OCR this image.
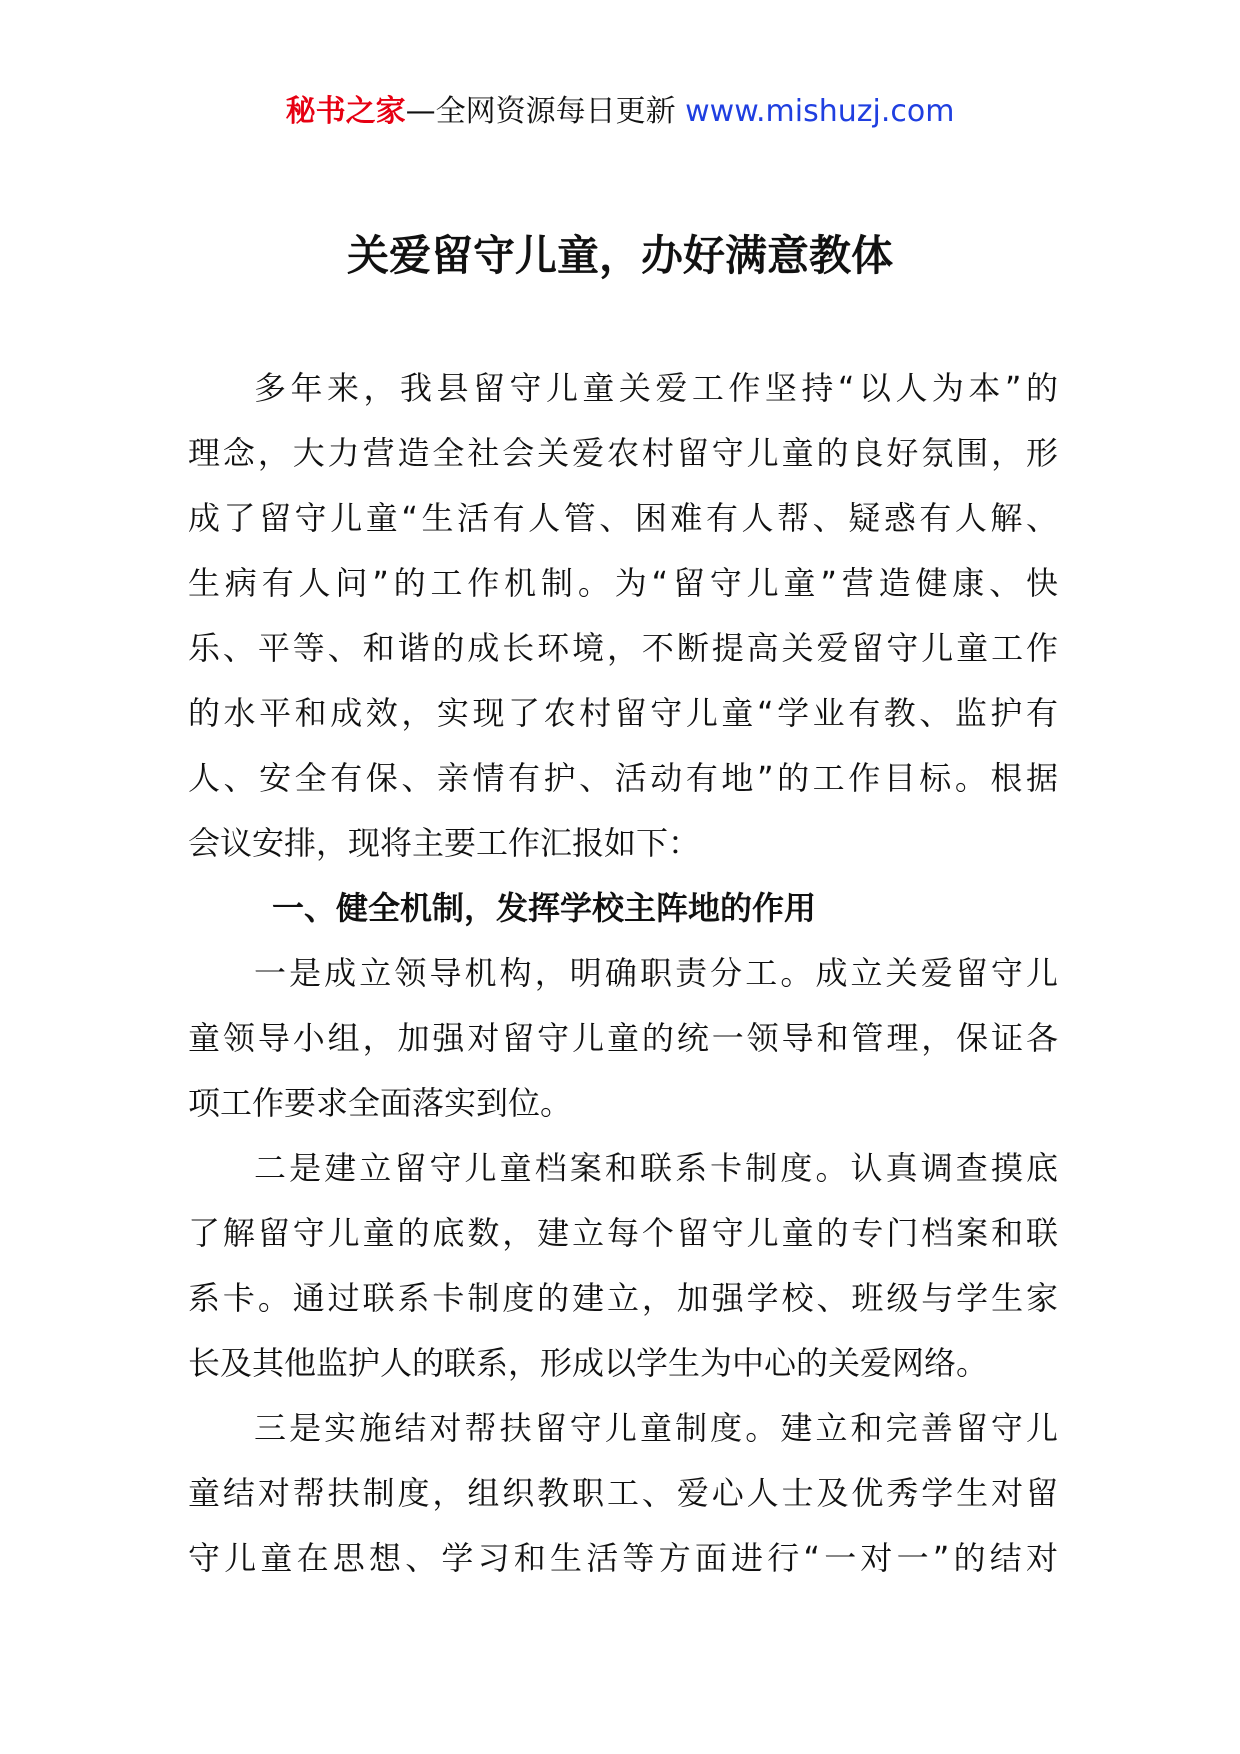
秘书之家—全网资源每日更新 www.mishuzj.com
关爱留守儿童，办好满意教体
多年来，我县留守儿童关爱工作坚持“以人为本”的
理念，大力营造全社会关爱农村留守儿童的良好氛围，形
成了留守儿童“生活有人管、困难有人帮、疑惑有人解、
生病有人问”的工作机制。为“留守儿童”营造健康、快
乐、平等、和谐的成长环境，不断提高关爱留守儿童工作
的水平和成效，实现了农村留守儿童“学业有教、监护有
人、安全有保、亲情有护、活动有地”的工作目标。根据
会议安排，现将主要工作汇报如下：
一、健全机制，发挥学校主阵地的作用
一是成立领导机构，明确职责分工。成立关爱留守儿
童领导小组，加强对留守儿童的统一领导和管理，保证各
项工作要求全面落实到位。
二是建立留守儿童档案和联系卡制度。认真调查摸底
了解留守儿童的底数，建立每个留守儿童的专门档案和联
系卡。通过联系卡制度的建立，加强学校、班级与学生家
长及其他监护人的联系，形成以学生为中心的关爱网络。
三是实施结对帮扶留守儿童制度。建立和完善留守儿
童结对帮扶制度，组织教职工、爱心人士及优秀学生对留
守儿童在思想、学习和生活等方面进行“一对一”的结对
